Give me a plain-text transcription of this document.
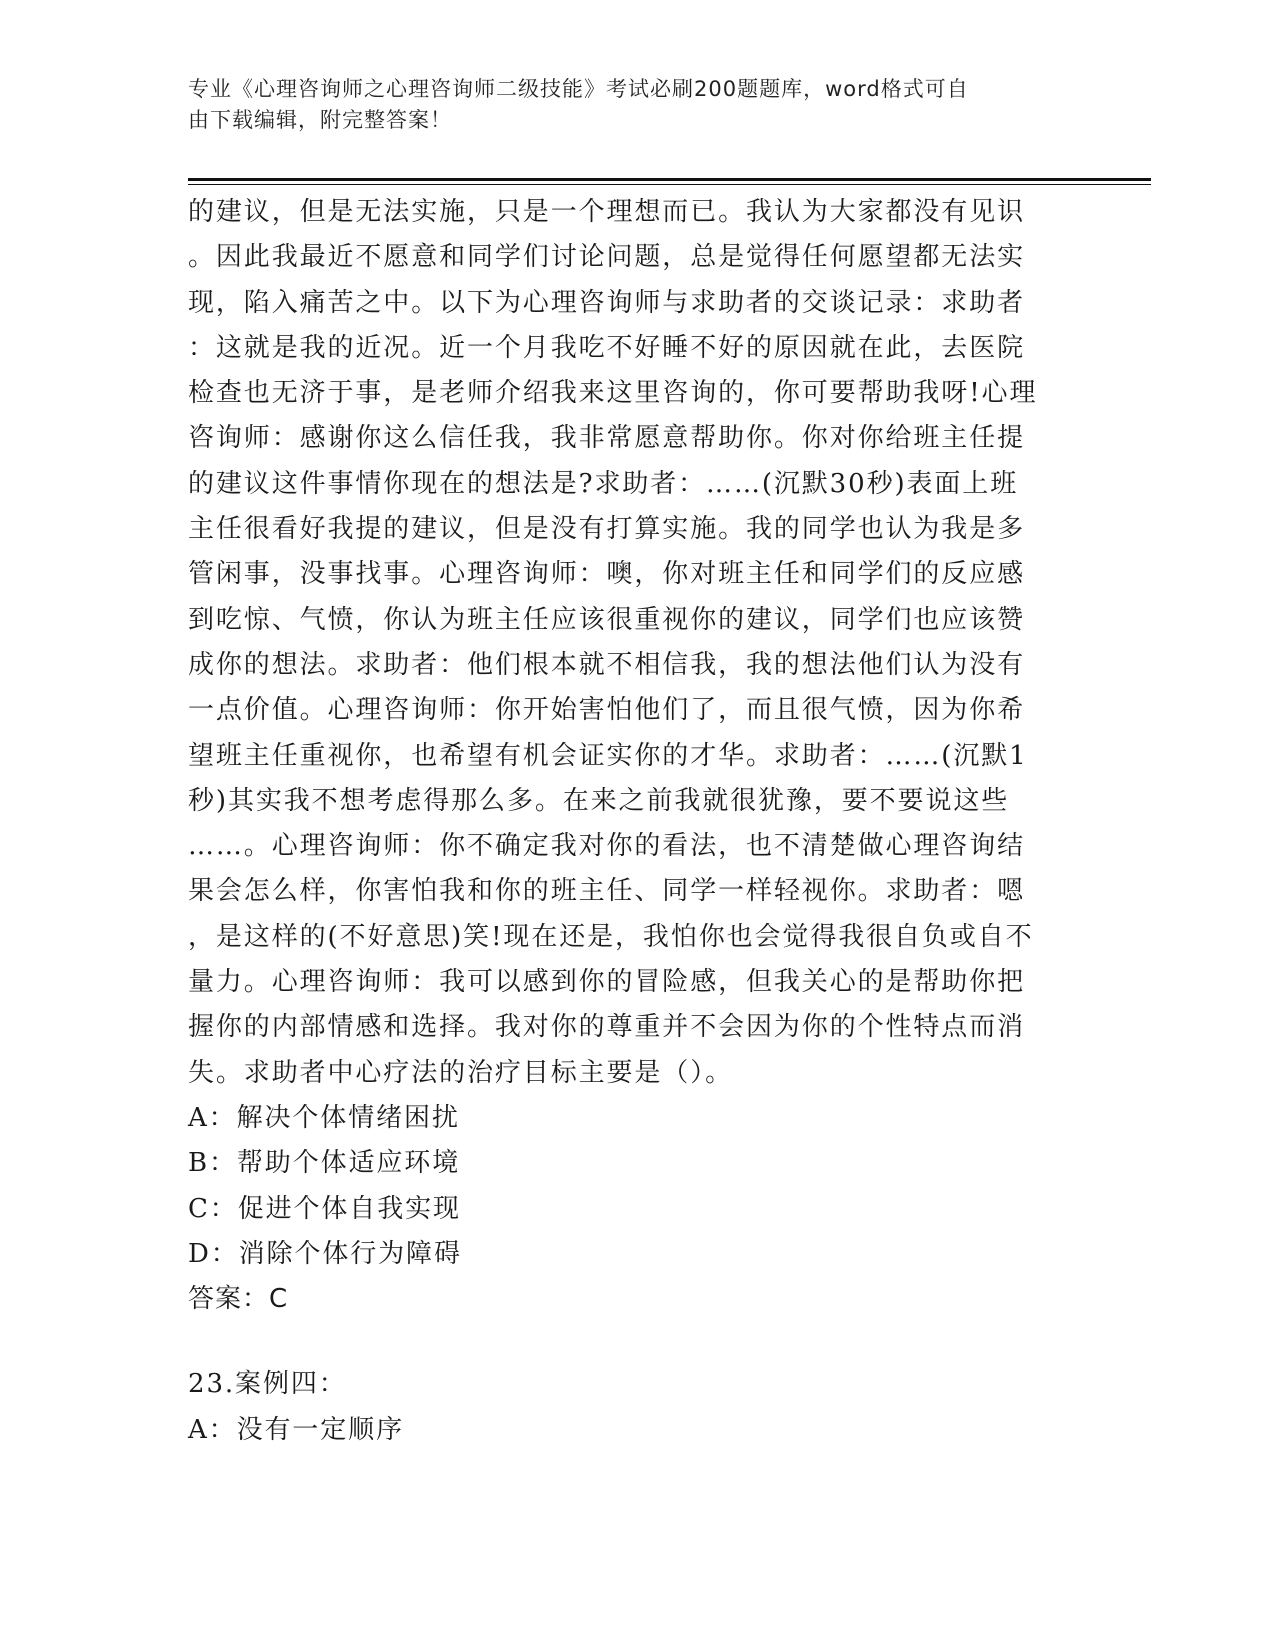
专业《心理咨询师之心理咨询师二级技能》考试必刷200题题库，word格式可自
由下载编辑，附完整答案！
的建议，但是无法实施，只是一个理想而已。我认为大家都没有见识
。因此我最近不愿意和同学们讨论问题，总是觉得任何愿望都无法实
现，陷入痛苦之中。以下为心理咨询师与求助者的交谈记录：求助者
：这就是我的近况。近一个月我吃不好睡不好的原因就在此，去医院
检查也无济于事，是老师介绍我来这里咨询的，你可要帮助我呀!心理
咨询师：感谢你这么信任我，我非常愿意帮助你。你对你给班主任提
的建议这件事情你现在的想法是?求助者：……(沉默30秒)表面上班
主任很看好我提的建议，但是没有打算实施。我的同学也认为我是多
管闲事，没事找事。心理咨询师：噢，你对班主任和同学们的反应感
到吃惊、气愤，你认为班主任应该很重视你的建议，同学们也应该赞
成你的想法。求助者：他们根本就不相信我，我的想法他们认为没有
一点价值。心理咨询师：你开始害怕他们了，而且很气愤，因为你希
望班主任重视你，也希望有机会证实你的才华。求助者：……(沉默1
秒)其实我不想考虑得那么多。在来之前我就很犹豫，要不要说这些
……。心理咨询师：你不确定我对你的看法，也不清楚做心理咨询结
果会怎么样，你害怕我和你的班主任、同学一样轻视你。求助者：嗯
，是这样的(不好意思)笑!现在还是，我怕你也会觉得我很自负或自不
量力。心理咨询师：我可以感到你的冒险感，但我关心的是帮助你把
握你的内部情感和选择。我对你的尊重并不会因为你的个性特点而消
失。求助者中心疗法的治疗目标主要是（）。
A：解决个体情绪困扰
B：帮助个体适应环境
C：促进个体自我实现
D：消除个体行为障碍
答案：C
23.案例四：
A：没有一定顺序
